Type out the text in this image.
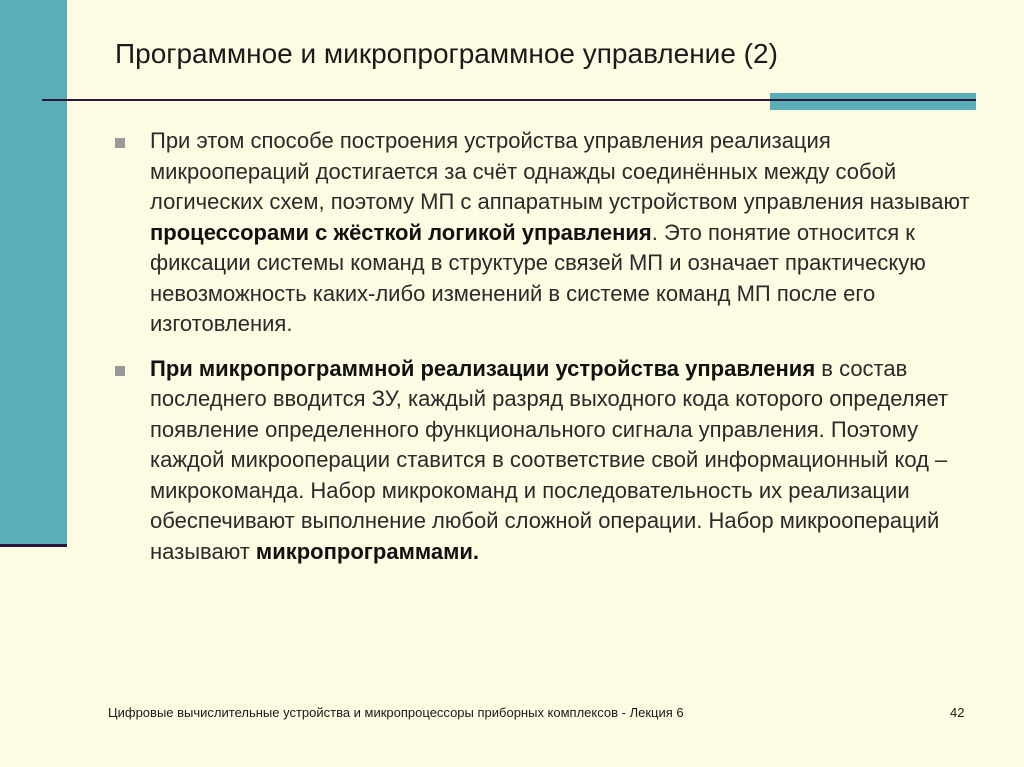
Программное и микропрограммное управление (2)
При этом способе построения устройства управления реализация микроопераций достигается за счёт однажды соединённых между собой логических схем, поэтому МП с аппаратным устройством управления называют процессорами с жёсткой логикой управления. Это понятие относится к фиксации системы команд в структуре связей МП и означает практическую невозможность каких-либо изменений в системе команд МП после его изготовления.
При микропрограммной реализации устройства управления в состав последнего вводится ЗУ, каждый разряд выходного кода которого определяет появление определенного функционального сигнала управления. Поэтому каждой микрооперации ставится в соответствие свой информационный код – микрокоманда. Набор микрокоманд и последовательность их реализации обеспечивают выполнение любой сложной операции. Набор микроопераций называют микропрограммами.
Цифровые вычислительные устройства и микропроцессоры приборных комплексов - Лекция 6	42
